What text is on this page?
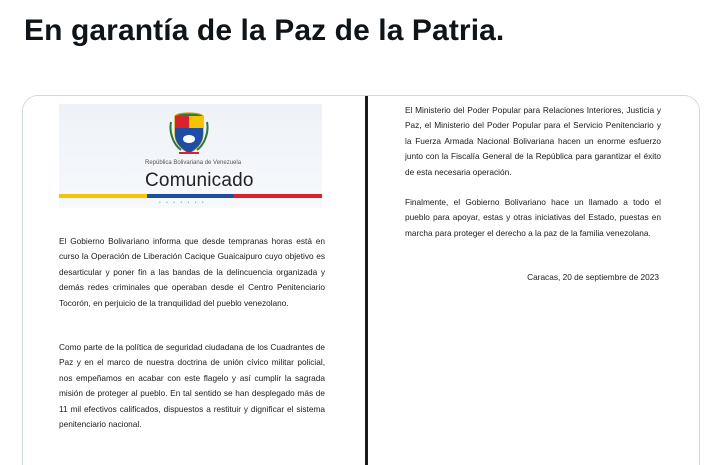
En garantía de la Paz de la Patria.
República Bolivariana de Venezuela
Comunicado
• • • • • • •

El Gobierno Bolivariano informa que desde tempranas horas está en curso la Operación de Liberación Cacique Guaicaipuro cuyo objetivo es desarticular y poner fin a las bandas de la delincuencia organizada y demás redes criminales que operaban desde el Centro Penitenciario Tocorón, en perjuicio de la tranquilidad del pueblo venezolano.

Como parte de la política de seguridad ciudadana de los Cuadrantes de Paz y en el marco de nuestra doctrina de unión cívico militar policial, nos empeñamos en acabar con este flagelo y así cumplir la sagrada misión de proteger al pueblo. En tal sentido se han desplegado más de 11 mil efectivos calificados, dispuestos a restituir y dignificar el sistema penitenciario nacional.

El Ministerio del Poder Popular para Relaciones Interiores, Justicia y Paz, el Ministerio del Poder Popular para el Servicio Penitenciario y la Fuerza Armada Nacional Bolivariana hacen un enorme esfuerzo junto con la Fiscalía General de la República para garantizar el éxito de esta necesaria operación.

Finalmente, el Gobierno Bolivariano hace un llamado a todo el pueblo para apoyar, estas y otras iniciativas del Estado, puestas en marcha para proteger el derecho a la paz de la familia venezolana.

Caracas, 20 de septiembre de 2023
